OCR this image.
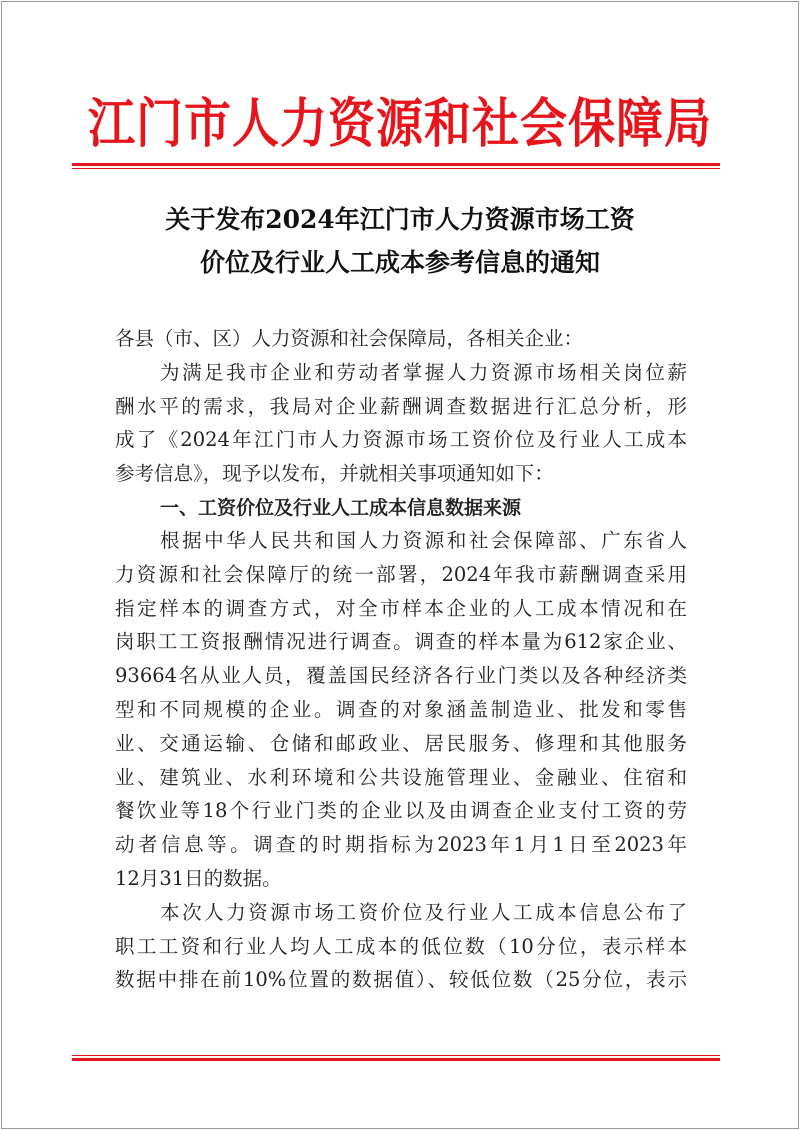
江门市人力资源和社会保障局
关于发布2024年江门市人力资源市场工资
价位及行业人工成本参考信息的通知
各县（市、区）人力资源和社会保障局，各相关企业：
为满足我市企业和劳动者掌握人力资源市场相关岗位薪
酬水平的需求，我局对企业薪酬调查数据进行汇总分析，形
成了《2024年江门市人力资源市场工资价位及行业人工成本
参考信息》，现予以发布，并就相关事项通知如下：
一、工资价位及行业人工成本信息数据来源
根据中华人民共和国人力资源和社会保障部、广东省人
力资源和社会保障厅的统一部署，2024年我市薪酬调查采用
指定样本的调查方式，对全市样本企业的人工成本情况和在
岗职工工资报酬情况进行调查。调查的样本量为612家企业、
93664名从业人员，覆盖国民经济各行业门类以及各种经济类
型和不同规模的企业。调查的对象涵盖制造业、批发和零售
业、交通运输、仓储和邮政业、居民服务、修理和其他服务
业、建筑业、水利环境和公共设施管理业、金融业、住宿和
餐饮业等18个行业门类的企业以及由调查企业支付工资的劳
动者信息等。调查的时期指标为2023年1月1日至2023年
12月31日的数据。
本次人力资源市场工资价位及行业人工成本信息公布了
职工工资和行业人均人工成本的低位数（10分位，表示样本
数据中排在前10%位置的数据值）、较低位数（25分位，表示
